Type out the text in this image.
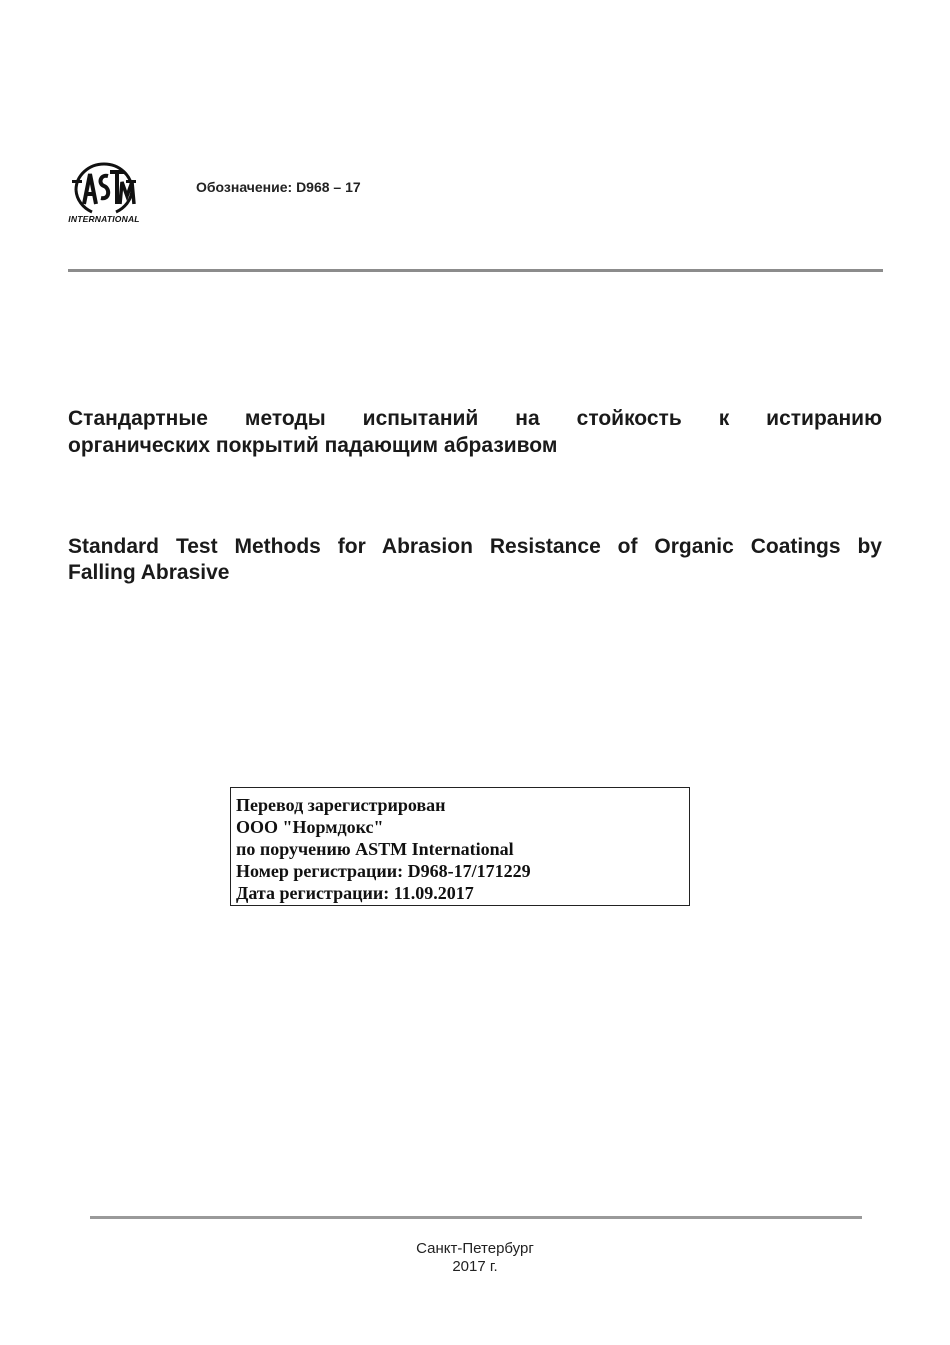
INTERNATIONAL
Обозначение: D968 – 17

Стандартные методы испытаний на стойкость к истиранию
органических покрытий падающим абразивом

Standard Test Methods for Abrasion Resistance of Organic Coatings by
Falling Abrasive

Перевод зарегистрирован
ООО "Нормдокс"
по поручению ASTM International
Номер регистрации: D968-17/171229
Дата регистрации: 11.09.2017
Санкт-Петербург
2017 г.
